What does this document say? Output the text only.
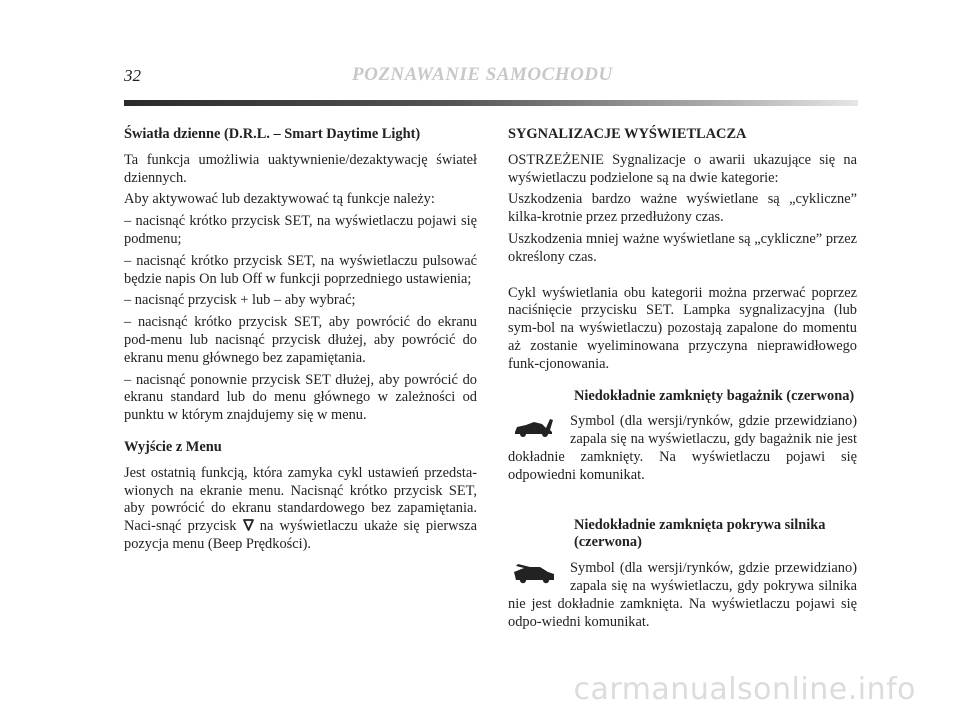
32	POZNAWANIE SAMOCHODU
Światła dzienne (D.R.L. – Smart Daytime Light)

Ta funkcja umożliwia uaktywnienie/dezaktywację świateł dziennych.

Aby aktywować lub dezaktywować tą funkcje należy:

– nacisnąć krótko przycisk SET, na wyświetlaczu pojawi się podmenu;

– nacisnąć krótko przycisk SET, na wyświetlaczu pulsować będzie napis On lub Off w funkcji poprzedniego ustawienia;

– nacisnąć przycisk + lub – aby wybrać;

– nacisnąć krótko przycisk SET, aby powrócić do ekranu pod-menu lub nacisnąć przycisk dłużej, aby powrócić do ekranu menu głównego bez zapamiętania.

– nacisnąć ponownie przycisk SET dłużej, aby powrócić do ekranu standard lub do menu głównego w zależności od punktu w którym znajdujemy się w menu.

Wyjście z Menu

Jest ostatnią funkcją, która zamyka cykl ustawień przedsta-wionych na ekranie menu. Nacisnąć krótko przycisk SET, aby powrócić do ekranu standardowego bez zapamiętania. Naci-snąć przycisk na wyświetlaczu ukaże się pierwsza pozycja menu (Beep Prędkości).

SYGNALIZACJE WYŚWIETLACZA

OSTRZEŻENIE Sygnalizacje o awarii ukazujące się na wyświetlaczu podzielone są na dwie kategorie:

Uszkodzenia bardzo ważne wyświetlane są „cykliczne” kilka-krotnie przez przedłużony czas.

Uszkodzenia mniej ważne wyświetlane są „cykliczne” przez określony czas.

Cykl wyświetlania obu kategorii można przerwać poprzez naciśnięcie przycisku SET. Lampka sygnalizacyjna (lub sym-bol na wyświetlaczu) pozostają zapalone do momentu aż zostanie wyeliminowana przyczyna nieprawidłowego funk-cjonowania.

Niedokładnie zamknięty bagażnik (czerwona)

Symbol (dla wersji/rynków, gdzie przewidziano) zapala się na wyświetlaczu, gdy bagażnik nie jest dokładnie zamknięty. Na wyświetlaczu pojawi się odpowiedni komunikat.

Niedokładnie zamknięta pokrywa silnika (czerwona)

Symbol (dla wersji/rynków, gdzie przewidziano) zapala się na wyświetlaczu, gdy pokrywa silnika nie jest dokładnie zamknięta. Na wyświetlaczu pojawi się odpo-wiedni komunikat.

carmanualsonline.info
